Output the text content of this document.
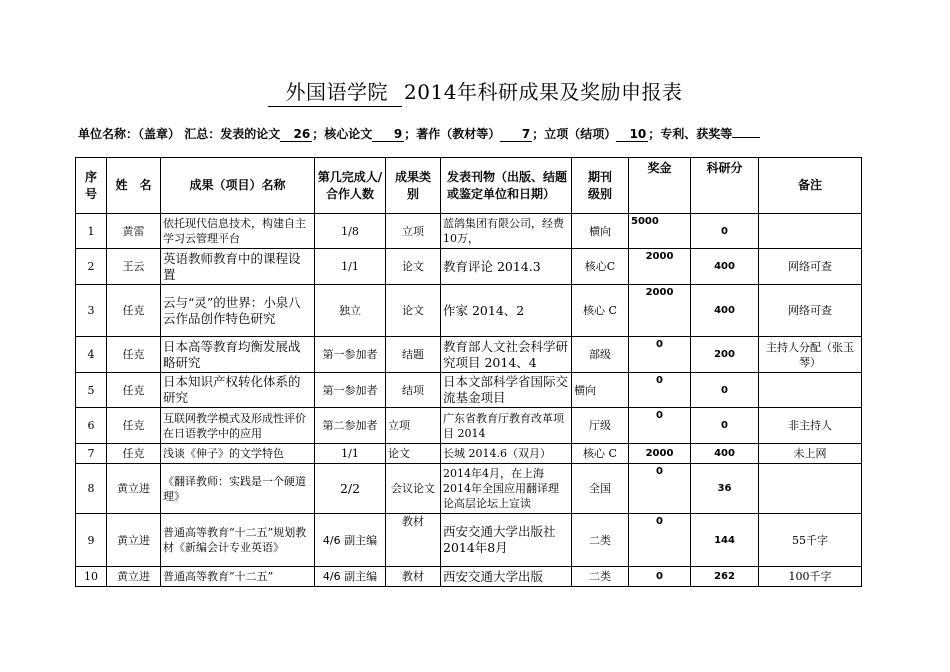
外国语学院 2014年科研成果及奖励申报表
单位名称：（盖章） 汇总：发表的论文 26 ；核心论文 9 ；著作（教材等） 7 ；立项（结项） 10 ；专利、获奖等
序号	姓　名	成果（项目）名称	第几完成人/合作人数	成果类别	发表刊物（出版、结题或鉴定单位和日期）	期刊级别	奖金	科研分	备注
1	黄雷	依托现代信息技术，构建自主学习云管理平台	1/8	立项	蓝鸽集团有限公司，经费10万，	横向	5000	0	
2	王云	英语教师教育中的课程设置	1/1	论文	教育评论 2014.3	核心C	2000	400	网络可查
3	任克	云与“灵”的世界：小泉八云作品创作特色研究	独立	论文	作家 2014、2	核心 C	2000	400	网络可查
4	任克	日本高等教育均衡发展战略研究	第一参加者	结题	教育部人文社会科学研究项目 2014、4	部级	0	200	主持人分配（张玉琴）
5	任克	日本知识产权转化体系的研究	第一参加者	结项	日本文部科学省国际交流基金项目	横向	0	0	
6	任克	互联网教学模式及形成性评价在日语教学中的应用	第二参加者	立项	广东省教育厅教育改革项目 2014	厅级	0	0	非主持人
7	任克	浅谈《伸子》的文学特色	1/1	论文	长城 2014.6（双月）	核心 C	2000	400	未上网
8	黄立进	《翻译教师：实践是一个硬道理》	2/2	会议论文	2014年4月，在上海2014年全国应用翻译理论高层论坛上宣读	全国	0	36	
9	黄立进	普通高等教育“十二五”规划教材《新编会计专业英语》	4/6 副主编	教材	西安交通大学出版社 2014年8月	二类	0	144	55千字
10	黄立进	普通高等教育“十二五”	4/6 副主编	教材	西安交通大学出版	二类	0	262	100千字
